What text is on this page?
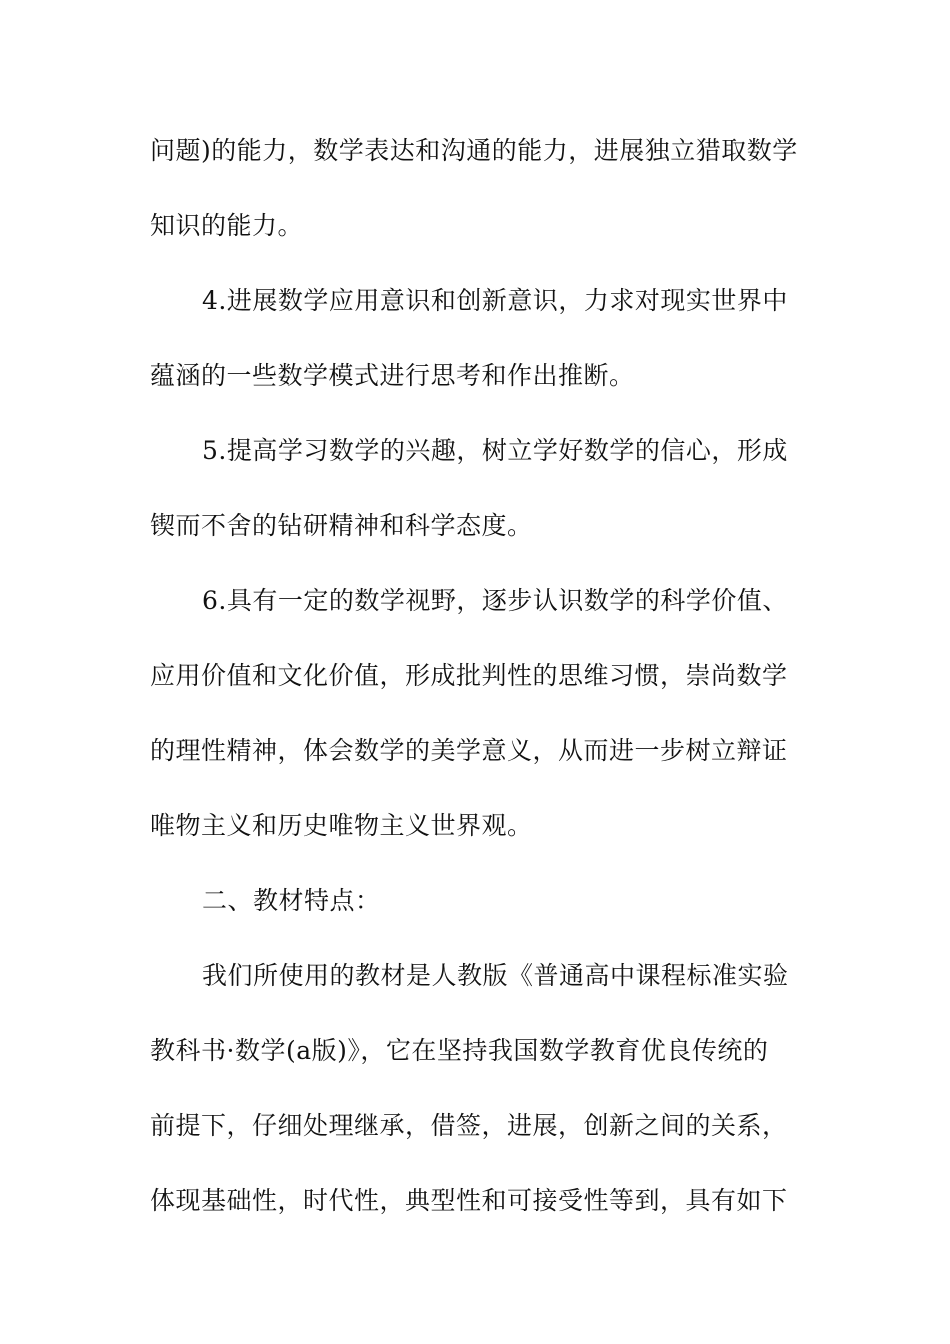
问题)的能力，数学表达和沟通的能力，进展独立猎取数学
知识的能力。
4.进展数学应用意识和创新意识，力求对现实世界中
蕴涵的一些数学模式进行思考和作出推断。
5.提高学习数学的兴趣，树立学好数学的信心，形成
锲而不舍的钻研精神和科学态度。
6.具有一定的数学视野，逐步认识数学的科学价值、
应用价值和文化价值，形成批判性的思维习惯，崇尚数学
的理性精神，体会数学的美学意义，从而进一步树立辩证
唯物主义和历史唯物主义世界观。
二、教材特点：
我们所使用的教材是人教版《普通高中课程标准实验
教科书·数学(a版)》，它在坚持我国数学教育优良传统的
前提下，仔细处理继承，借签，进展，创新之间的关系，
体现基础性，时代性，典型性和可接受性等到，具有如下
